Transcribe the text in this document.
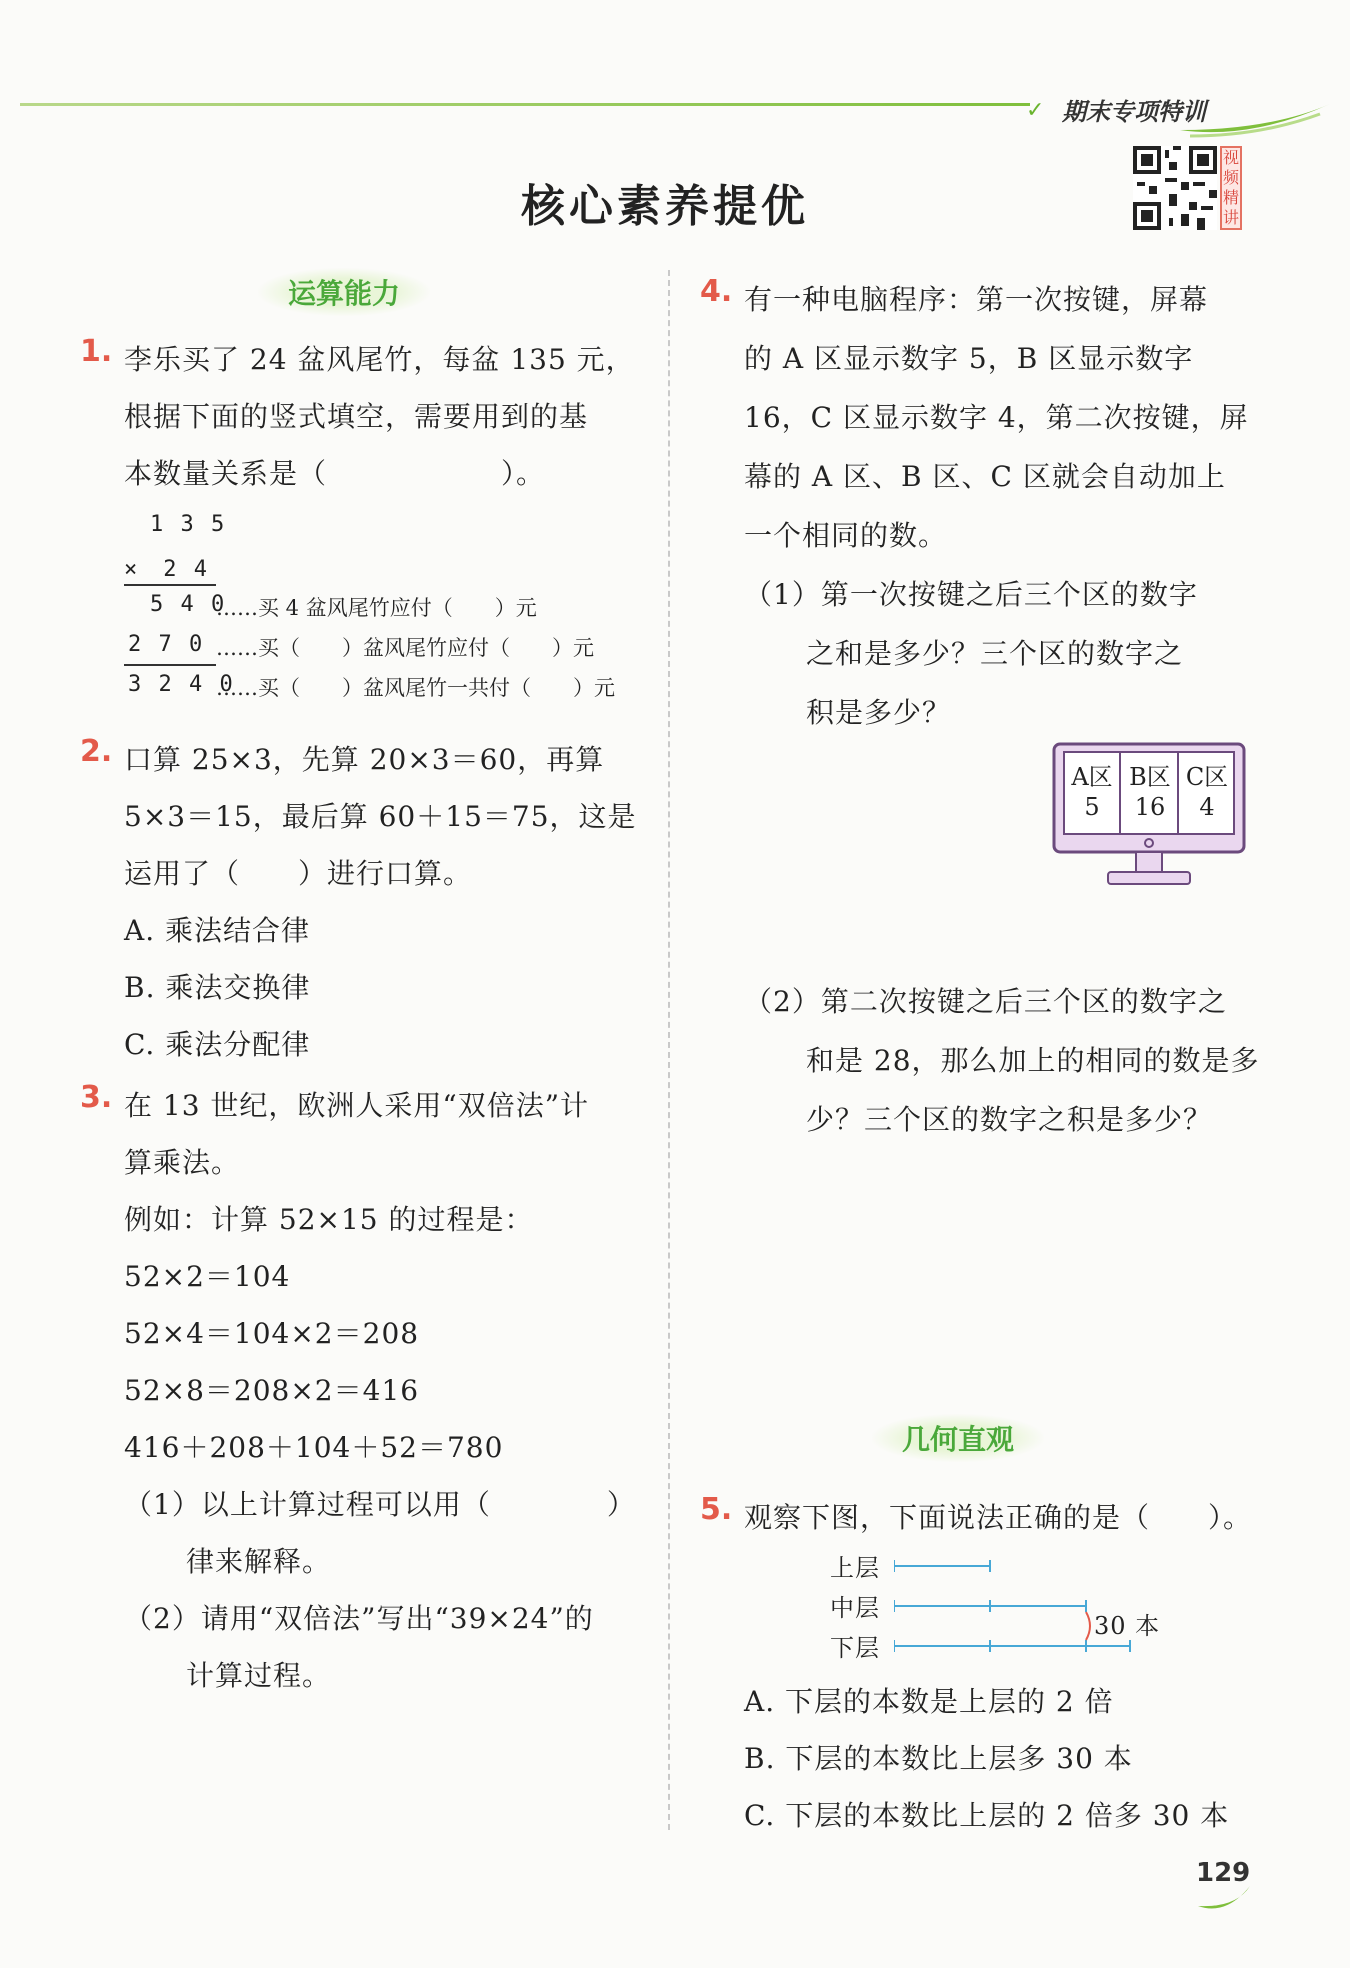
✓ 期末专项特训
核心素养提优
视频精讲
运算能力
1. 李乐买了 24 盆风尾竹，每盆 135 元，
根据下面的竖式填空，需要用到的基
本数量关系是（　　　　　　）。
1 3 5
×　2 4
5 4 0
……买 4 盆风尾竹应付（　　）元
2 7 0 ……买（　　）盆风尾竹应付（　　）元
3 2 4 0
……买（　　）盆风尾竹一共付（　　）元
2. 口算 25×3，先算 20×3＝60，再算
5×3＝15，最后算 60＋15＝75，这是
运用了（　　）进行口算。
A. 乘法结合律
B. 乘法交换律
C. 乘法分配律
3. 在 13 世纪，欧洲人采用“双倍法”计
算乘法。
例如：计算 52×15 的过程是：
52×2＝104
52×4＝104×2＝208
52×8＝208×2＝416
416＋208＋104＋52＝780
（1）以上计算过程可以用（　　　　）
律来解释。
（2）请用“双倍法”写出“39×24”的
计算过程。
4. 有一种电脑程序：第一次按键，屏幕
的 A 区显示数字 5，B 区显示数字
16，C 区显示数字 4，第二次按键，屏
幕的 A 区、B 区、C 区就会自动加上
一个相同的数。
（1）第一次按键之后三个区的数字
之和是多少？三个区的数字之
积是多少？
A区
5
B区
16
C区
4
（2）第二次按键之后三个区的数字之
和是 28，那么加上的相同的数是多
少？三个区的数字之积是多少？
几何直观
5. 观察下图，下面说法正确的是（　　）。
上层
中层
下层
30 本
A. 下层的本数是上层的 2 倍
B. 下层的本数比上层多 30 本
C. 下层的本数比上层的 2 倍多 30 本
129
